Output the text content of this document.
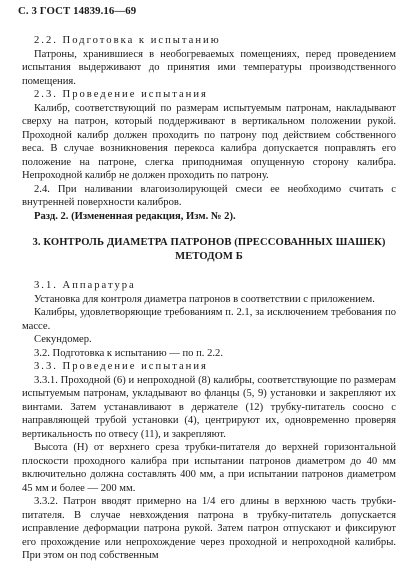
С. 3 ГОСТ 14839.16—69

2.2. Подготовка к испытанию

Патроны, хранившиеся в необогреваемых помещениях, перед проведением испытания выдерживают до принятия ими температуры производственного помещения.

2.3. Проведение испытания

Калибр, соответствующий по размерам испытуемым патронам, накладывают сверху на патрон, который поддерживают в вертикальном положении рукой. Проходной калибр должен проходить по патрону под действием собственного веса. В случае возникновения перекоса калибра допускается поправлять его положение на патроне, слегка приподнимая опущенную сторону калибра. Непроходной калибр не должен проходить по патрону.

2.4. При наливании влагоизолирующей смеси ее необходимо считать с внутренней поверхности калибров.

Разд. 2. (Измененная редакция, Изм. № 2).

3. КОНТРОЛЬ ДИАМЕТРА ПАТРОНОВ (ПРЕССОВАННЫХ ШАШЕК) МЕТОДОМ Б

3.1. Аппаратура

Установка для контроля диаметра патронов в соответствии с приложением.

Калибры, удовлетворяющие требованиям п. 2.1, за исключением требования по массе.

Секундомер.

3.2. Подготовка к испытанию — по п. 2.2.

3.3. Проведение испытания

3.3.1. Проходной (6) и непроходной (8) калибры, соответствующие по размерам испытуемым патронам, укладывают во фланцы (5, 9) установки и закрепляют их винтами. Затем устанавливают в держателе (12) трубку-питатель соосно с направляющей трубой установки (4), центрируют их, одновременно проверяя вертикальность по отвесу (11), и закрепляют.

Высота (Н) от верхнего среза трубки-питателя до верхней горизонтальной плоскости проходного калибра при испытании патронов диаметром до 40 мм включительно должна составлять 400 мм, а при испытании патронов диаметром 45 мм и более — 200 мм.

3.3.2. Патрон вводят примерно на 1/4 его длины в верхнюю часть трубки-питателя. В случае невхождения патрона в трубку-питатель допускается исправление деформации патрона рукой. Затем патрон отпускают и фиксируют его прохождение или непрохождение через проходной и непроходной калибры. При этом он под собственным
